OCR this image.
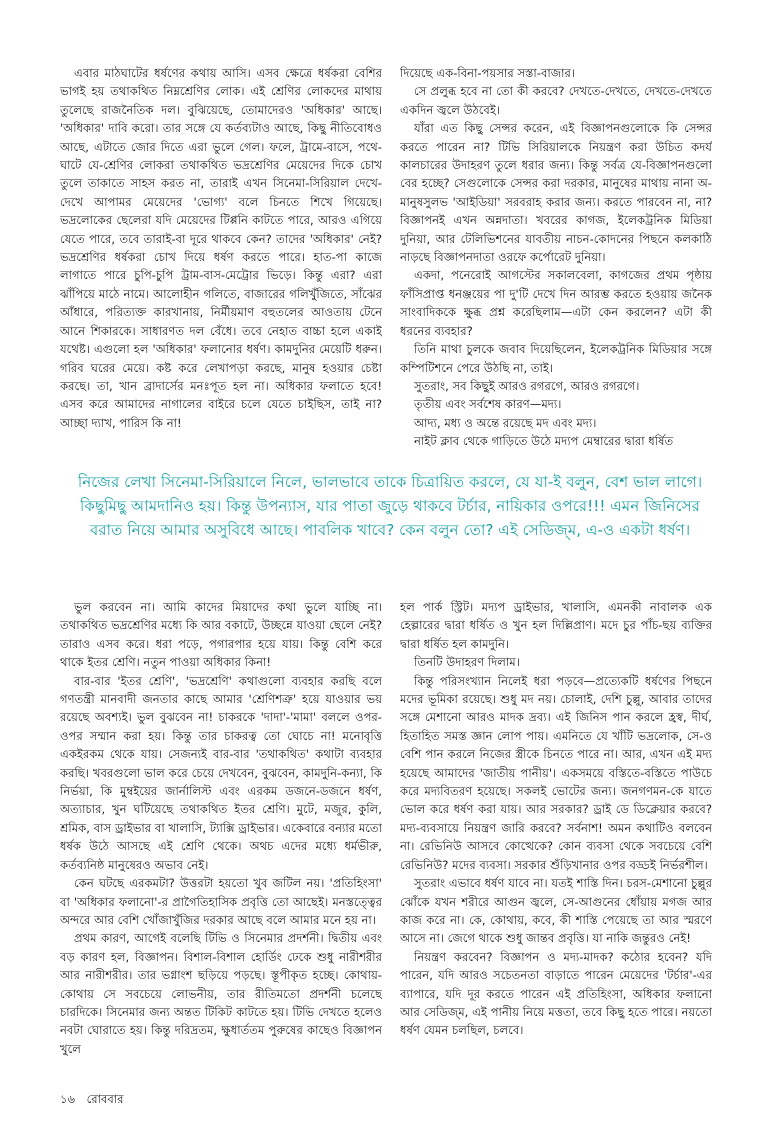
এবার মাঠঘাটের ধর্ষণের কথায় আসি। এসব ক্ষেত্রে ধর্ষকরা বেশির ভাগই হয় তথাকথিত নিম্নশ্রেণির লোক। এই শ্রেণির লোকদের মাথায় তুলেছে রাজনৈতিক দল। বুঝিয়েছে, তোমাদেরও 'অধিকার' আছে। 'অধিকার' দাবি করো। তার সঙ্গে যে কর্তব্যটাও আছে, কিছু নীতিবোধও আছে, এটাতে জোর দিতে এরা ভুলে গেল। ফলে, ট্রামে-বাসে, পথে-ঘাটে যে-শ্রেণির লোকরা তথাকথিত ভদ্রশ্রেণির মেয়েদের দিকে চোখ তুলে তাকাতে সাহস করত না, তারাই এখন সিনেমা-সিরিয়াল দেখে-দেখে আপামর মেয়েদের 'ভোগ্য' বলে চিনতে শিখে গিয়েছে। ভদ্রলোকের ছেলেরা যদি মেয়েদের টিপ্পনি কাটতে পারে, আরও এগিয়ে যেতে পারে, তবে তারাই-বা দূরে থাকবে কেন? তাদের 'অধিকার' নেই? ভদ্রশ্রেণির ধর্ষকরা চোখ দিয়ে ধর্ষণ করতে পারে। হাত-পা কাজে লাগাতে পারে চুপি-চুপি ট্রাম-বাস-মেট্রোর ভিড়ে। কিন্তু এরা? এরা ঝাঁপিয়ে মাঠে নামে। আলোহীন গলিতে, বাজারের গলিখুঁজিতে, সাঁঝের আঁধারে, পরিত্যক্ত কারখানায়, নির্মীয়মাণ বহুতলের আওতায় টেনে আনে শিকারকে। সাধারণত দল বেঁধে। তবে নেহাত বাচ্চা হলে একাই যথেষ্ট। এগুলো হল 'অধিকার' ফলানোর ধর্ষণ। কামদুনির মেয়েটি ধরুন। গরিব ঘরের মেয়ে। কষ্ট করে লেখাপড়া করছে, মানুষ হওয়ার চেষ্টা করছে। তা, খান ব্রাদার্সের মনঃপূত হল না। অধিকার ফলাতে হবে! এসব করে আমাদের নাগালের বাইরে চলে যেতে চাইছিস, তাই না? আচ্ছা দ্যাখ, পারিস কি না!

দিয়েছে এক-বিনা-পয়সার সস্তা-বাজার।

সে প্রলুব্ধ হবে না তো কী করবে? দেখতে-দেখতে, দেখতে-দেখতে একদিন জ্বলে উঠবেই।

যাঁরা এত কিছু সেন্সর করেন, এই বিজ্ঞাপনগুলোকে কি সেন্সর করতে পারেন না? টিভি সিরিয়ালকে নিয়ন্ত্রণ করা উচিত কদর্য কালচারের উদাহরণ তুলে ধরার জন্য। কিন্তু সর্বত্র যে-বিজ্ঞাপনগুলো বের হচ্ছে? সেগুলোকে সেন্সর করা দরকার, মানুষের মাথায় নানা অ-মানুষসুলভ 'আইডিয়া' সরবরাহ করার জন্য। করতে পারবেন না, না? বিজ্ঞাপনই এখন অন্নদাতা। খবরের কাগজ, ইলেকট্রনিক মিডিয়া দুনিয়া, আর টেলিভিশনের যাবতীয় নাচন-কোদনের পিছনে কলকাঠি নাড়ছে বিজ্ঞাপনদাতা ওরফে কর্পোরেট দুনিয়া।

একদা, পনেরোই আগস্টের সকালবেলা, কাগজের প্রথম পৃষ্ঠায় ফাঁসিপ্রাপ্ত ধনঞ্জয়ের পা দু'টি দেখে দিন আরম্ভ করতে হওয়ায় জনৈক সাংবাদিককে ক্ষুব্ধ প্রশ্ন করেছিলাম—এটা কেন করলেন? এটা কী ধরনের ব্যবহার?

তিনি মাথা চুলকে জবাব দিয়েছিলেন, ইলেকট্রনিক মিডিয়ার সঙ্গে কম্পিটিশনে পেরে উঠছি না, তাই।

সুতরাং, সব কিছুই আরও রগরগে, আরও রগরগে।

তৃতীয় এবং সর্বশেষ কারণ—মদ্য।

আদ্য, মধ্য ও অন্তে রয়েছে মদ এবং মদ্য।

নাইট ক্লাব থেকে গাড়িতে উঠে মদ্যপ মেম্বারের দ্বারা ধর্ষিত

নিজের লেখা সিনেমা-সিরিয়ালে নিলে, ভালভাবে তাকে চিত্রায়িত করলে, যে যা-ই বলুন, বেশ ভাল লাগে। কিছুমিছু আমদানিও হয়। কিন্তু উপন্যাস, যার পাতা জুড়ে থাকবে টর্চার, নায়িকার ওপরে!!! এমন জিনিসের বরাত নিয়ে আমার অসুবিধে আছে। পাবলিক খাবে? কেন বলুন তো? এই সেডিজ্ম, এ-ও একটা ধর্ষণ।

ভুল করবেন না। আমি কাদের মিয়াদের কথা ভুলে যাচ্ছি না। তথাকথিত ভদ্রশ্রেণির মধ্যে কি আর বকাটে, উচ্ছন্নে যাওয়া ছেলে নেই? তারাও এসব করে। ধরা পড়ে, পগারপার হয়ে যায়। কিন্তু বেশি করে থাকে ইতর শ্রেণি। নতুন পাওয়া অধিকার কিনা!

বার-বার 'ইতর শ্রেণি', 'ভদ্রশ্রেণি' কথাগুলো ব্যবহার করছি বলে গণতন্ত্রী মানবাদী জনতার কাছে আমার 'শ্রেণিশত্রু' হয়ে যাওয়ার ভয় রয়েছে অবশ্যই। ভুল বুঝবেন না! চাকরকে 'দাদা'-'মামা' বললে ওপর-ওপর সম্মান করা হয়। কিন্তু তার চাকরত্ব তো ঘোচে না! মনোবৃত্তি একইরকম থেকে যায়। সেজন্যই বার-বার 'তথাকথিত' কথাটা ব্যবহার করছি। খবরগুলো ভাল করে চেয়ে দেখবেন, বুঝবেন, কামদুনি-কন্যা, কি নির্ভয়া, কি মুম্বইয়ের জার্নালিস্ট এবং এরকম ডজনে-ডজনে ধর্ষণ, অত্যাচার, খুন ঘটিয়েছে তথাকথিত ইতর শ্রেণি। মুটে, মজুর, কুলি, শ্রমিক, বাস ড্রাইভার বা খালাসি, ট্যাক্সি ড্রাইভার। একেবারে বন্যার মতো ধর্ষক উঠে আসছে এই শ্রেণি থেকে। অথচ এদের মধ্যে ধর্মভীরু, কর্তব্যনিষ্ঠ মানুষেরও অভাব নেই।

কেন ঘটছে এরকমটা? উত্তরটা হয়তো খুব জটিল নয়। 'প্রতিহিংসা' বা 'অধিকার ফলানো'-র প্রাগৈতিহাসিক প্রবৃত্তি তো আছেই। মনস্তত্ত্বের অন্দরে আর বেশি খোঁজাখুঁজির দরকার আছে বলে আমার মনে হয় না।

প্রথম কারণ, আগেই বলেছি টিভি ও সিনেমার প্রদর্শনী। দ্বিতীয় এবং বড় কারণ হল, বিজ্ঞাপন। বিশাল-বিশাল হোর্ডিং ঢেকে শুধু নারীশরীর আর নারীশরীর। তার ভগ্নাংশ ছড়িয়ে পড়ছে। স্তূপীকৃত হচ্ছে। কোথায়-কোথায় সে সবচেয়ে লোভনীয়, তার রীতিমতো প্রদর্শনী চলেছে চারদিকে। সিনেমার জন্য অন্তত টিকিট কাটতে হয়। টিভি দেখতে হলেও নবটা ঘোরাতে হয়। কিন্তু দরিদ্রতম, ক্ষুধার্ততম পুরুষের কাছেও বিজ্ঞাপন খুলে

হল পার্ক স্ট্রিট। মদ্যপ ড্রাইভার, খালাসি, এমনকী নাবালক এক হেল্পারের দ্বারা ধর্ষিত ও খুন হল দিল্লিপ্রাণ। মদে চুর পাঁচ-ছয় ব্যক্তির দ্বারা ধর্ষিত হল কামদুনি।

তিনটি উদাহরণ দিলাম।

কিন্তু পরিসংখ্যান নিলেই ধরা পড়বে—প্রত্যেকটি ধর্ষণের পিছনে মদের ভূমিকা রয়েছে। শুধু মদ নয়। চোলাই, দেশি চুল্লু, আবার তাদের সঙ্গে মেশানো আরও মাদক দ্রব্য। এই জিনিস পান করলে হ্রস্ব, দীর্ঘ, হিতাহিত সমস্ত জ্ঞান লোপ পায়। এমনিতে যে খাঁটি ভদ্রলোক, সে-ও বেশি পান করলে নিজের স্ত্রীকে চিনতে পারে না। আর, এখন এই মদ্য হয়েছে আমাদের 'জাতীয় পানীয়'। একসময়ে বস্তিতে-বস্তিতে পাউচে করে মদ্যবিতরণ হয়েছে। সকলই ভোটের জন্য। জনগণমন-কে যাতে ভোল করে ধর্ষণ করা যায়। আর সরকার? ড্রাই ডে ডিক্লেয়ার করবে? মদ্য-ব্যবসায়ে নিয়ন্ত্রণ জারি করবে? সর্বনাশ! অমন কথাটিও বলবেন না। রেভিনিউ আসবে কোত্থেকে? কোন ব্যবসা থেকে সবচেয়ে বেশি রেভিনিউ? মদের ব্যবসা। সরকার শুঁড়িখানার ওপর বড্ডই নির্ভরশীল।

সুতরাং এভাবে ধর্ষণ যাবে না। যতই শাস্তি দিন। চরস-মেশানো চুল্লুর ঝোঁকে যখন শরীরে আগুন জ্বলে, সে-আগুনের ধোঁয়ায় মগজ আর কাজ করে না। কে, কোথায়, কবে, কী শাস্তি পেয়েছে তা আর স্মরণে আসে না। জেগে থাকে শুধু জান্তব প্রবৃত্তি। যা নাকি জন্তুরও নেই!

নিয়ন্ত্রণ করবেন? বিজ্ঞাপন ও মদ্য-মাদক? কঠোর হবেন? যদি পারেন, যদি আরও সচেতনতা বাড়াতে পারেন মেয়েদের 'টর্চার'-এর ব্যাপারে, যদি দূর করতে পারেন এই প্রতিহিংসা, অধিকার ফলানো আর সেডিজ্ম, এই পানীয় নিয়ে মত্ততা, তবে কিছু হতে পারে। নয়তো ধর্ষণ যেমন চলছিল, চলবে।

১৬ রোববার
